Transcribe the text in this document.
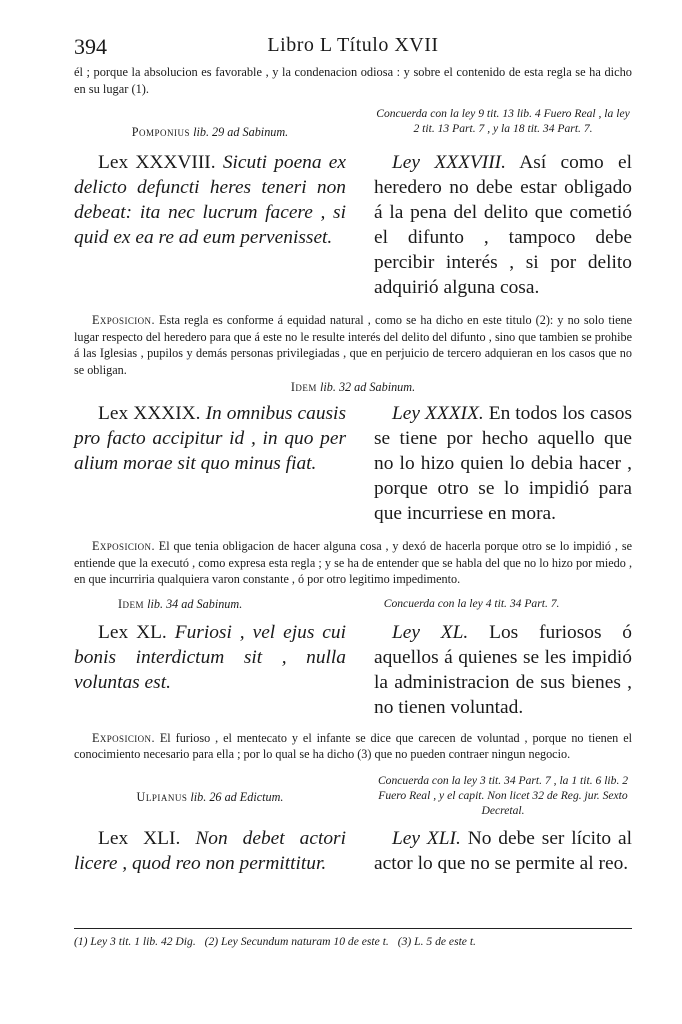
394	Libro L Título XVII

él ; porque la absolucion es favorable , y la condenacion odiosa : y sobre el contenido de esta regla se ha dicho en su lugar (1).

Pomponius lib. 29 ad Sabinum.
Concuerda con la ley 9 tit. 13 lib. 4 Fuero Real , la ley 2 tit. 13 Part. 7 , y la 18 tit. 34 Part. 7.
Lex XXXVIII. Sicuti poena ex delicto defuncti heres teneri non debeat: ita nec lucrum facere , si quid ex ea re ad eum pervenisset.
Ley XXXVIII. Así como el heredero no debe estar obligado á la pena del delito que cometió el difunto , tampoco debe percibir interés , si por delito adquirió alguna cosa.

Exposicion. Esta regla es conforme á equidad natural , como se ha dicho en este titulo (2): y no solo tiene lugar respecto del heredero para que á este no le resulte interés del delito del difunto , sino que tambien se prohibe á las Iglesias , pupilos y demás personas privilegiadas , que en perjuicio de tercero adquieran en los casos que no se obligan.

Idem lib. 32 ad Sabinum.
Lex XXXIX. In omnibus causis pro facto accipitur id , in quo per alium morae sit quo minus fiat.
Ley XXXIX. En todos los casos se tiene por hecho aquello que no lo hizo quien lo debia hacer , porque otro se lo impidió para que incurriese en mora.

Exposicion. El que tenia obligacion de hacer alguna cosa , y dexó de hacerla porque otro se lo impidió , se entiende que la executó , como expresa esta regla ; y se ha de entender que se habla del que no lo hizo por miedo , en que incurriria qualquiera varon constante , ó por otro legitimo impedimento.

Idem lib. 34 ad Sabinum.	Concuerda con la ley 4 tit. 34 Part. 7.
Lex XL. Furiosi , vel ejus cui bonis interdictum sit , nulla voluntas est.
Ley XL. Los furiosos ó aquellos á quienes se les impidió la administracion de sus bienes , no tienen voluntad.

Exposicion. El furioso , el mentecato y el infante se dice que carecen de voluntad , porque no tienen el conocimiento necesario para ella ; por lo qual se ha dicho (3) que no pueden contraer ningun negocio.

Ulpianus lib. 26 ad Edictum.
Concuerda con la ley 3 tit. 34 Part. 7 , la 1 tit. 6 lib. 2 Fuero Real , y el capit. Non licet 32 de Reg. jur. Sexto Decretal.
Lex XLI. Non debet actori licere , quod reo non permittitur.
Ley XLI. No debe ser lícito al actor lo que no se permite al reo.
(1) Ley 3 tit. 1 lib. 42 Dig. (2) Ley Secundum naturam 10 de este t. (3) L. 5 de este t.
